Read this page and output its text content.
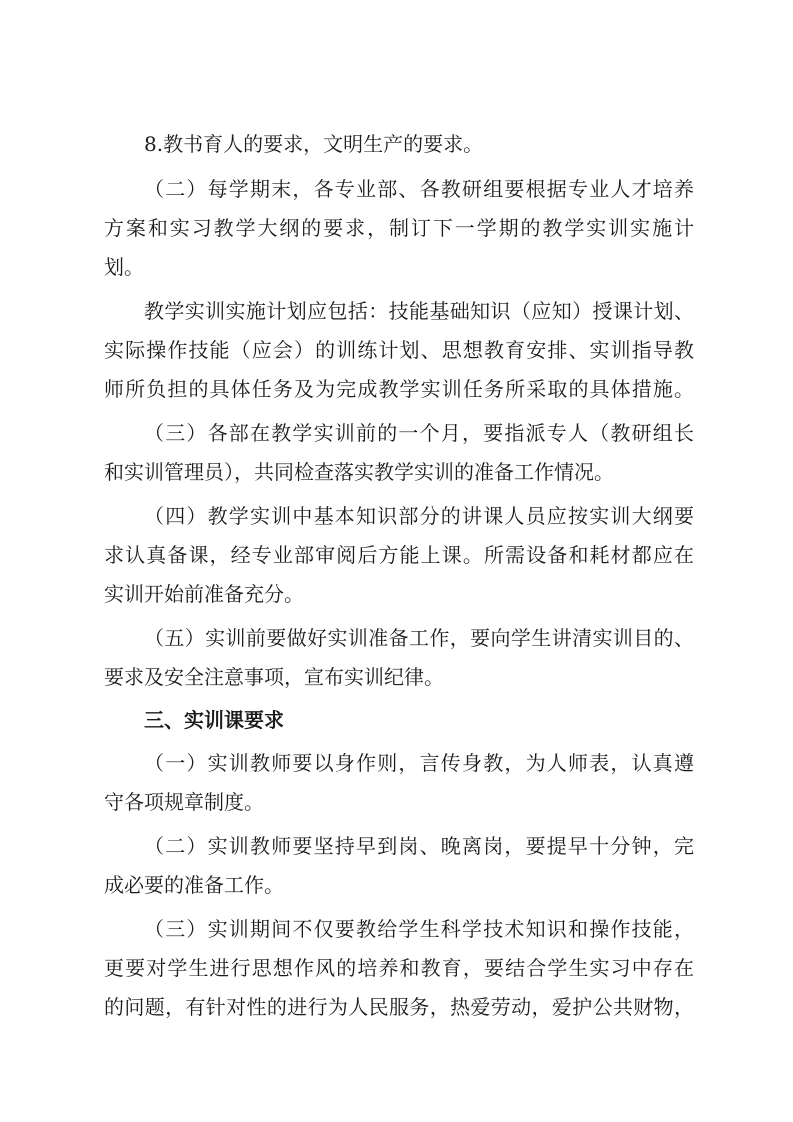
8.教书育人的要求，文明生产的要求。
（二）每学期末，各专业部、各教研组要根据专业人才培养
方案和实习教学大纲的要求，制订下一学期的教学实训实施计
划。
教学实训实施计划应包括：技能基础知识（应知）授课计划、
实际操作技能（应会）的训练计划、思想教育安排、实训指导教
师所负担的具体任务及为完成教学实训任务所采取的具体措施。
（三）各部在教学实训前的一个月，要指派专人（教研组长
和实训管理员），共同检查落实教学实训的准备工作情况。
（四）教学实训中基本知识部分的讲课人员应按实训大纲要
求认真备课，经专业部审阅后方能上课。所需设备和耗材都应在
实训开始前准备充分。
（五）实训前要做好实训准备工作，要向学生讲清实训目的、
要求及安全注意事项，宣布实训纪律。
三、实训课要求
（一）实训教师要以身作则，言传身教，为人师表，认真遵
守各项规章制度。
（二）实训教师要坚持早到岗、晚离岗，要提早十分钟，完
成必要的准备工作。
（三）实训期间不仅要教给学生科学技术知识和操作技能，
更要对学生进行思想作风的培养和教育，要结合学生实习中存在
的问题，有针对性的进行为人民服务，热爱劳动，爱护公共财物，
